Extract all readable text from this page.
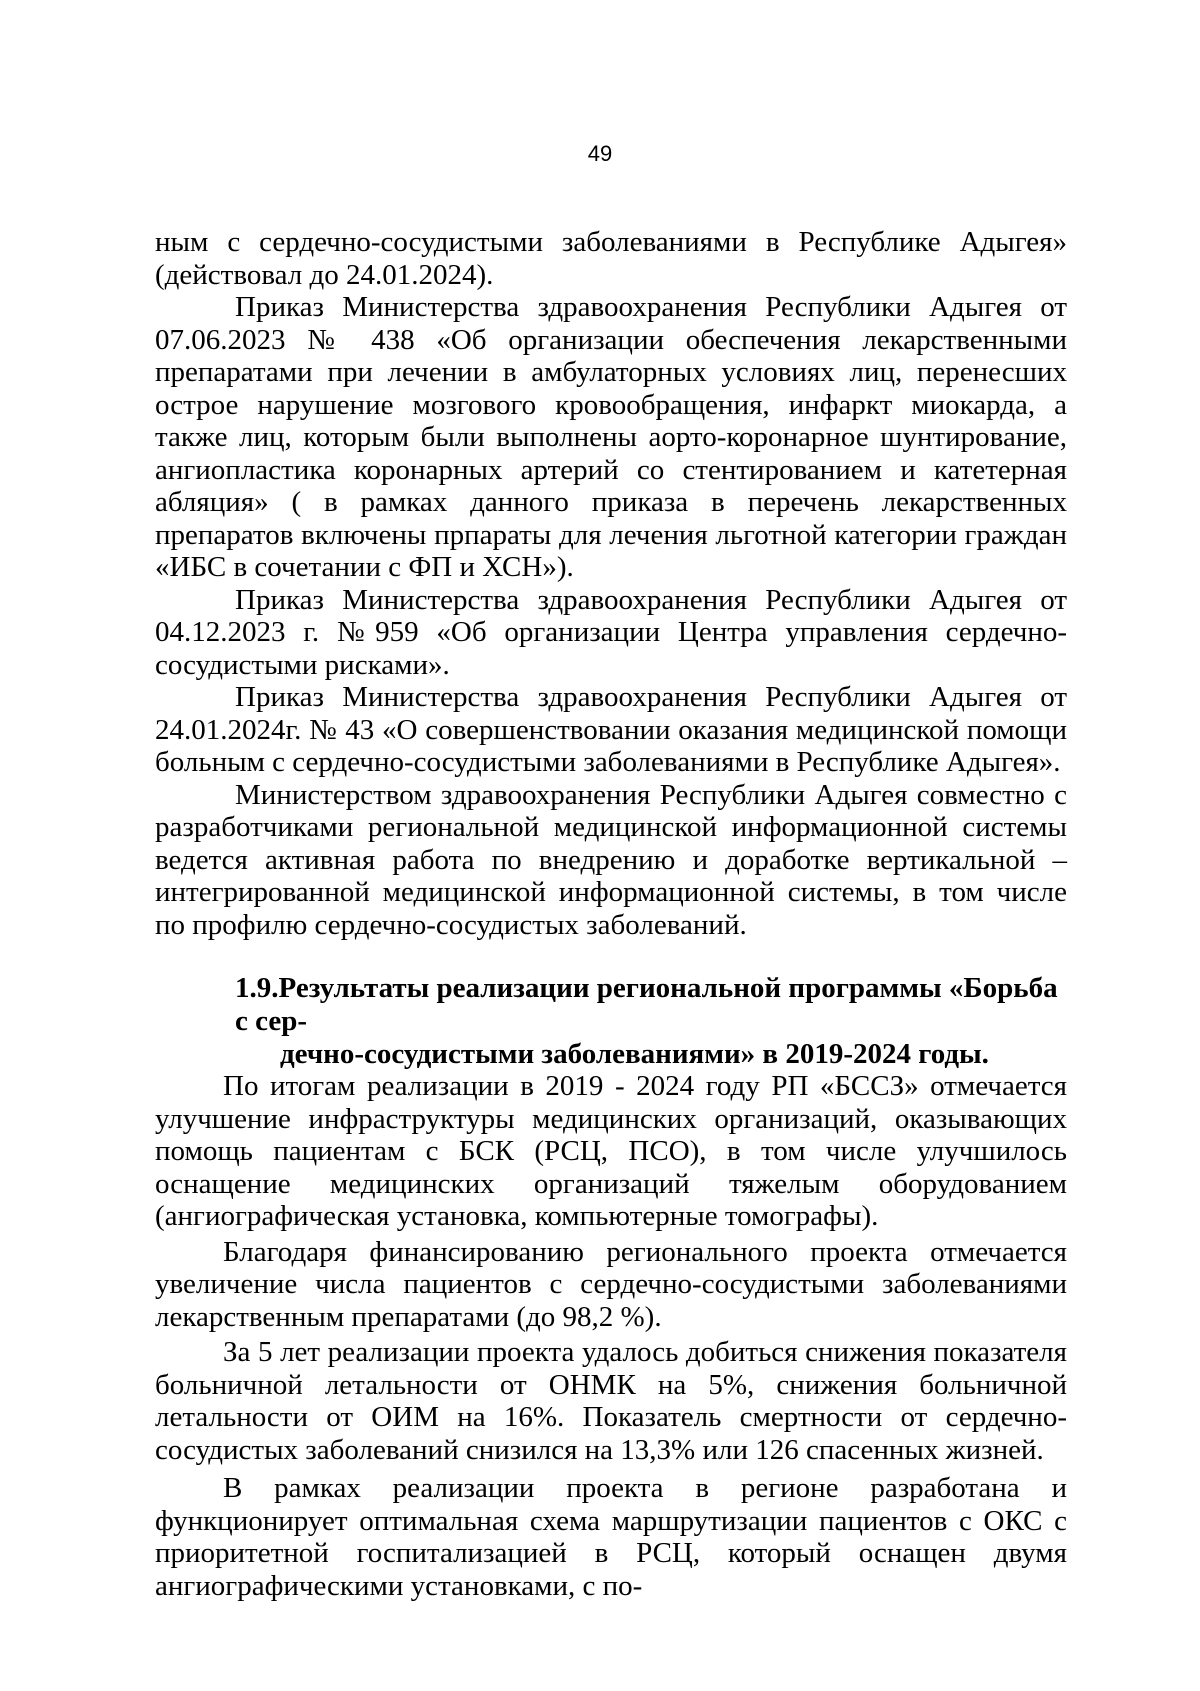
49

ным с сердечно-сосудистыми заболеваниями в Республике Адыгея» (действовал до 24.01.2024).

Приказ Министерства здравоохранения Республики Адыгея от 07.06.2023 № 438 «Об организации обеспечения лекарственными препаратами при лечении в амбулаторных условиях лиц, перенесших острое нарушение мозгового кровообращения, инфаркт миокарда, а также лиц, которым были выполнены аорто-коронарное шунтирование, ангиопластика коронарных артерий со стентированием и катетерная абляция» ( в рамках данного приказа в перечень лекарственных препаратов включены прпараты для лечения льготной категории граждан «ИБС в сочетании с ФП и ХСН»).

Приказ Министерства здравоохранения Республики Адыгея от 04.12.2023 г. №959 «Об организации Центра управления сердечно-сосудистыми рисками».

Приказ Министерства здравоохранения Республики Адыгея от 24.01.2024г. № 43 «О совершенствовании оказания медицинской помощи больным с сердечно-сосудистыми заболеваниями в Республике Адыгея».

Министерством здравоохранения Республики Адыгея совместно с разработчиками региональной медицинской информационной системы ведется активная работа по внедрению и доработке вертикальной –интегрированной медицинской информационной системы, в том числе по профилю сердечно-сосудистых заболеваний.

1.9.Результаты реализации региональной программы «Борьба с сер-

дечно-сосудистыми заболеваниями» в 2019-2024 годы.

По итогам реализации в 2019 - 2024 году РП «БССЗ» отмечается улучшение инфраструктуры медицинских организаций, оказывающих помощь пациентам с БСК (РСЦ, ПСО), в том числе улучшилось оснащение медицинских организаций тяжелым оборудованием (ангиографическая установка, компьютерные томографы).

Благодаря финансированию регионального проекта отмечается увеличение числа пациентов с сердечно-сосудистыми заболеваниями лекарственным препаратами (до 98,2 %).

За 5 лет реализации проекта удалось добиться снижения показателя больничной летальности от ОНМК на 5%, снижения больничной летальности от ОИМ на 16%. Показатель смертности от сердечно-сосудистых заболеваний снизился на 13,3% или 126 спасенных жизней.

В рамках реализации проекта в регионе разработана и функционирует оптимальная схема маршрутизации пациентов с ОКС с приоритетной госпитализацией в РСЦ, который оснащен двумя ангиографическими установками, с по-
